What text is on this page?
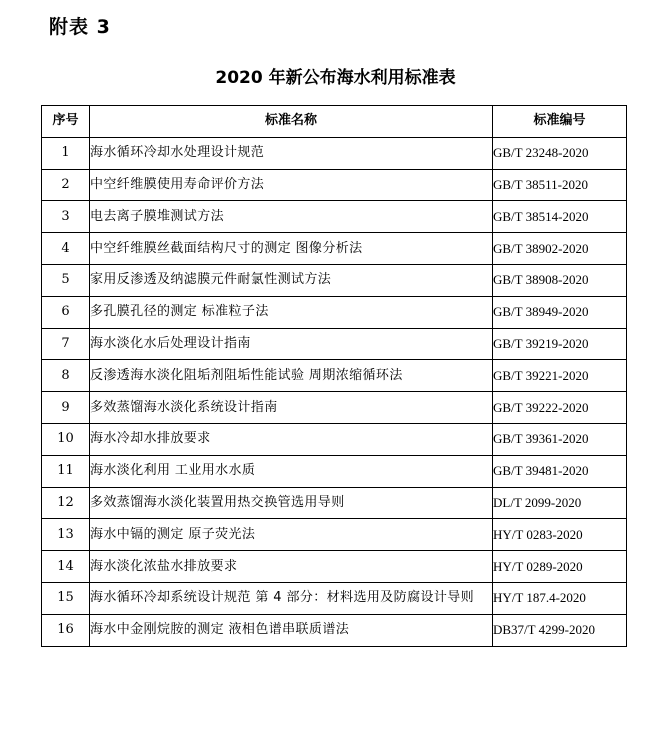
附表 3
2020 年新公布海水利用标准表
序号	标准名称	标准编号
1	海水循环冷却水处理设计规范	GB/T 23248-2020
2	中空纤维膜使用寿命评价方法	GB/T 38511-2020
3	电去离子膜堆测试方法	GB/T 38514-2020
4	中空纤维膜丝截面结构尺寸的测定 图像分析法	GB/T 38902-2020
5	家用反渗透及纳滤膜元件耐氯性测试方法	GB/T 38908-2020
6	多孔膜孔径的测定 标准粒子法	GB/T 38949-2020
7	海水淡化水后处理设计指南	GB/T 39219-2020
8	反渗透海水淡化阻垢剂阻垢性能试验 周期浓缩循环法	GB/T 39221-2020
9	多效蒸馏海水淡化系统设计指南	GB/T 39222-2020
10	海水冷却水排放要求	GB/T 39361-2020
11	海水淡化利用 工业用水水质	GB/T 39481-2020
12	多效蒸馏海水淡化装置用热交换管选用导则	DL/T 2099-2020
13	海水中镉的测定 原子荧光法	HY/T 0283-2020
14	海水淡化浓盐水排放要求	HY/T 0289-2020
15	海水循环冷却系统设计规范 第 4 部分：材料选用及防腐设计导则	HY/T 187.4-2020
16	海水中金刚烷胺的测定 液相色谱串联质谱法	DB37/T 4299-2020
